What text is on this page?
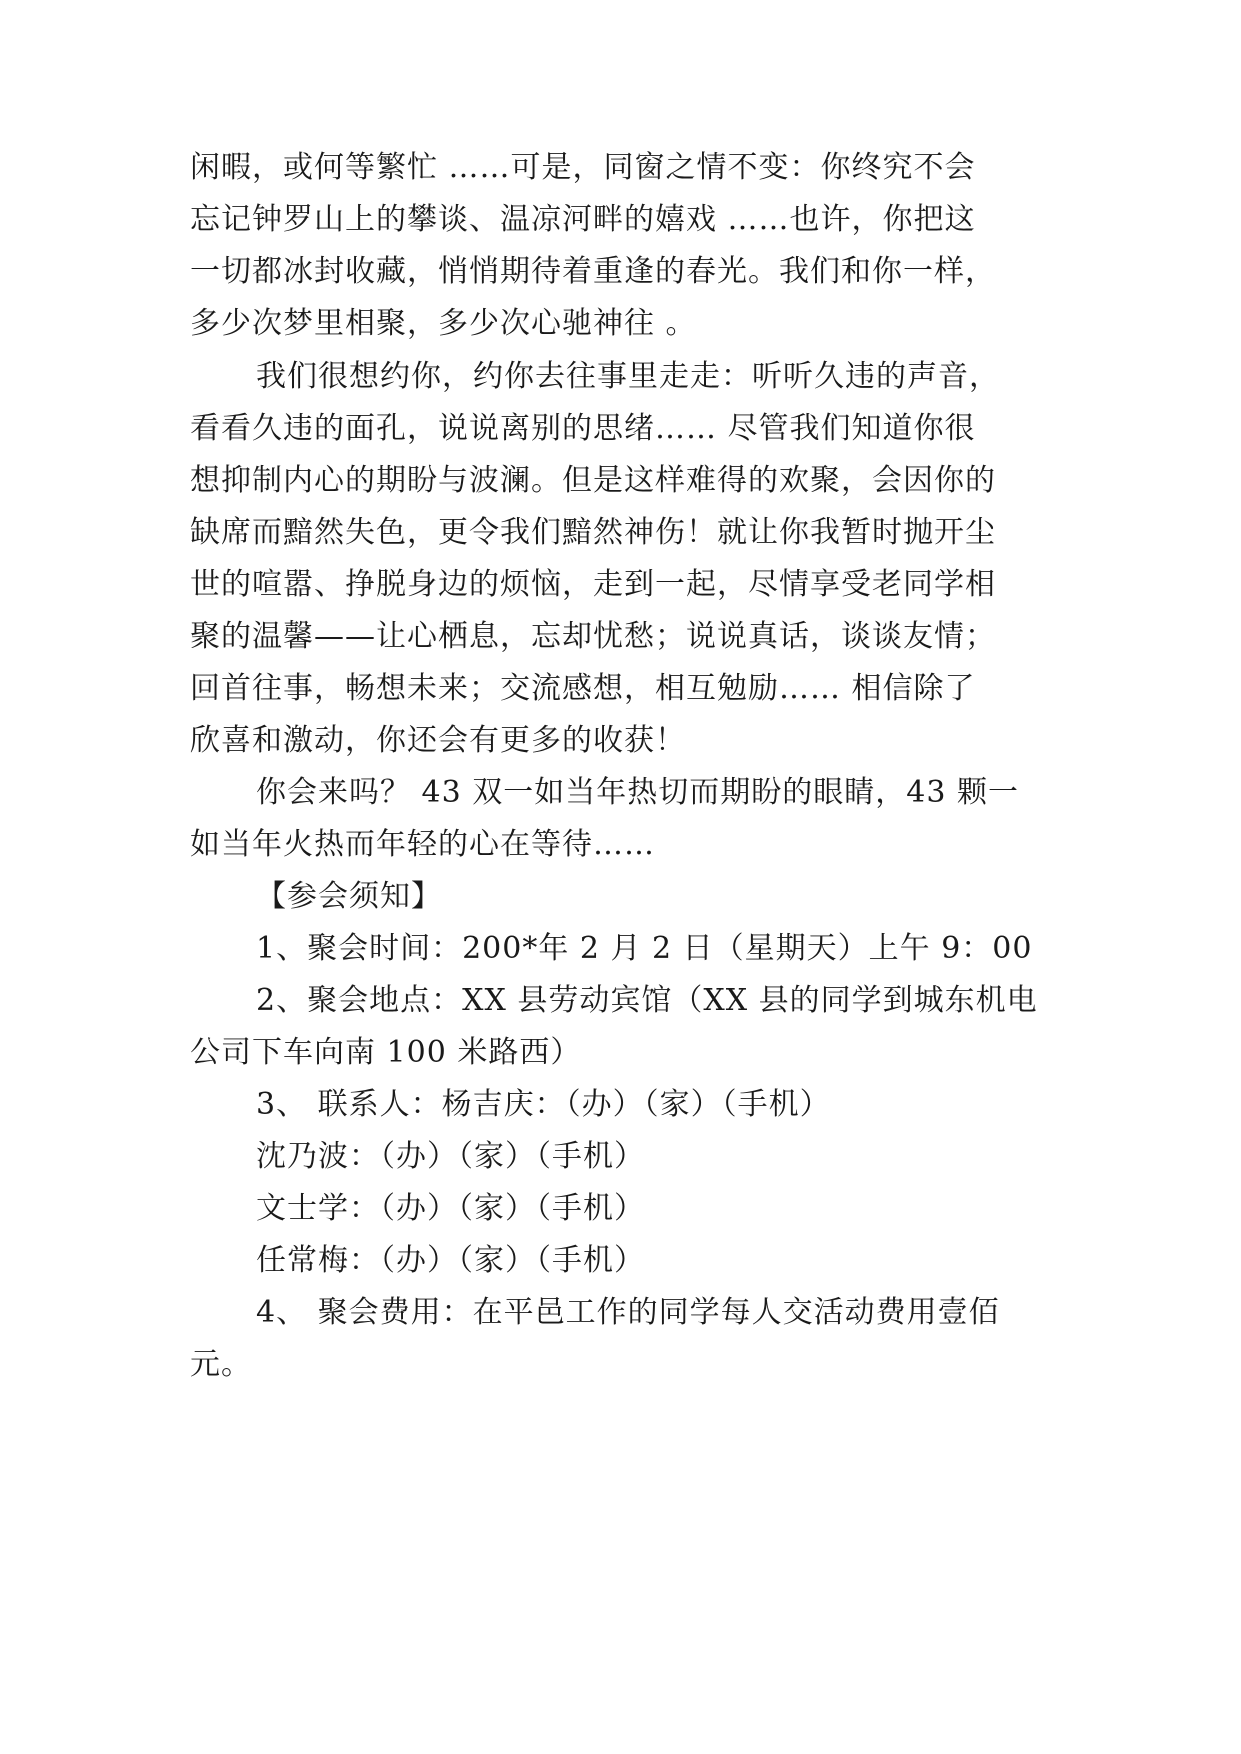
闲暇，或何等繁忙 ……可是，同窗之情不变：你终究不会
忘记钟罗山上的攀谈、温凉河畔的嬉戏 ……也许，你把这
一切都冰封收藏，悄悄期待着重逢的春光。我们和你一样，
多少次梦里相聚，多少次心驰神往 。
我们很想约你，约你去往事里走走：听听久违的声音，
看看久违的面孔，说说离别的思绪…… 尽管我们知道你很
想抑制内心的期盼与波澜。但是这样难得的欢聚，会因你的
缺席而黯然失色，更令我们黯然神伤！就让你我暂时抛开尘
世的喧嚣、挣脱身边的烦恼，走到一起，尽情享受老同学相
聚的温馨——让心栖息，忘却忧愁；说说真话，谈谈友情；
回首往事，畅想未来；交流感想，相互勉励…… 相信除了
欣喜和激动，你还会有更多的收获！
你会来吗？ 43 双一如当年热切而期盼的眼睛，43 颗一
如当年火热而年轻的心在等待……
【参会须知】
1、聚会时间：200*年 2 月 2 日（星期天）上午 9：00
2、聚会地点：XX 县劳动宾馆（XX 县的同学到城东机电
公司下车向南 100 米路西）
3、 联系人：杨吉庆：（办）（家）（手机）
沈乃波：（办）（家）（手机）
文士学：（办）（家）（手机）
任常梅：（办）（家）（手机）
4、 聚会费用：在平邑工作的同学每人交活动费用壹佰
元。
